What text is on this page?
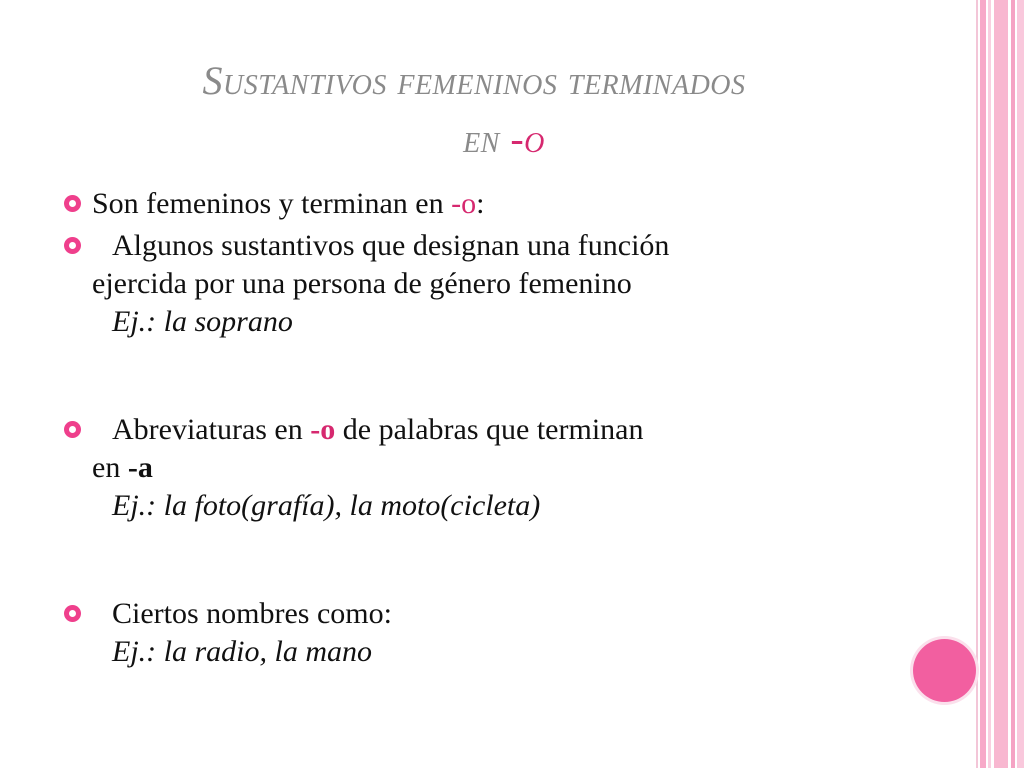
Sustantivos femeninos terminados
en -o
Son femeninos y terminan en -o:
Algunos sustantivos que designan una función
ejercida por una persona de género femenino
Ej.: la soprano
Abreviaturas en -o de palabras que terminan
en -a
Ej.: la foto(grafía), la moto(cicleta)
Ciertos nombres como:
Ej.: la radio, la mano
